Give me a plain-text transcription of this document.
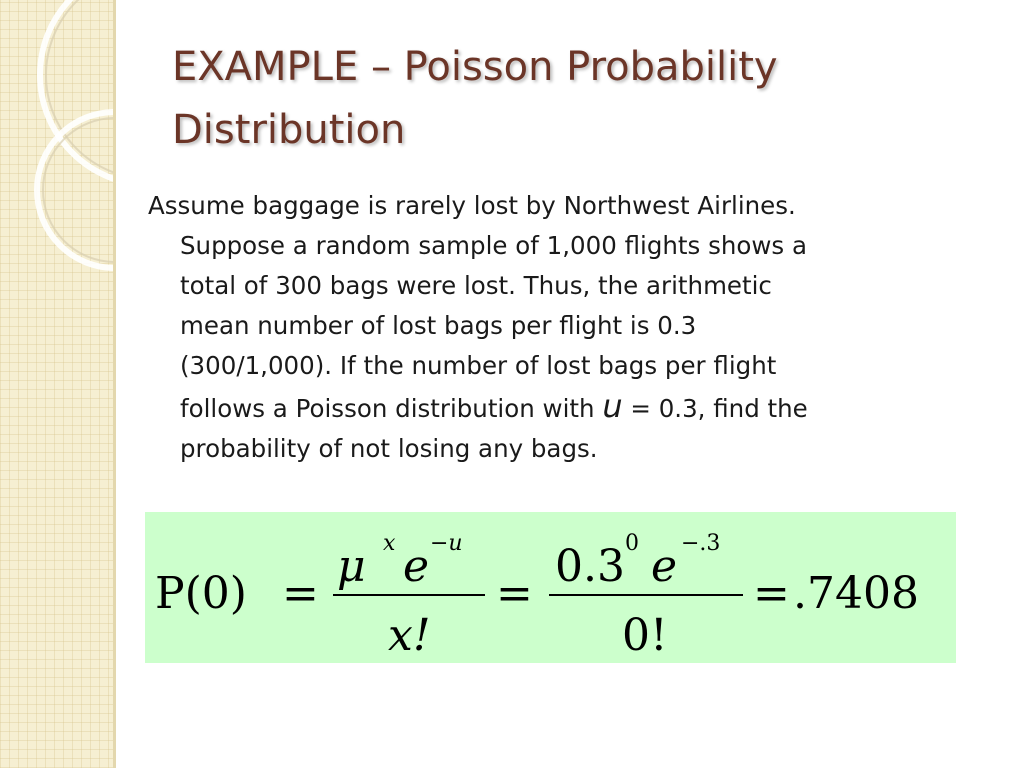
EXAMPLE – Poisson Probability
Distribution
Assume baggage is rarely lost by Northwest Airlines.
Suppose a random sample of 1,000 flights shows a
total of 300 bags were lost. Thus, the arithmetic
mean number of lost bags per flight is 0.3
(300/1,000). If the number of lost bags per flight
follows a Poisson distribution with u = 0.3, find the
probability of not losing any bags.
P(0) =
μ x e −u
x!
=
0.3 0 e −.3
0!
= .7408
